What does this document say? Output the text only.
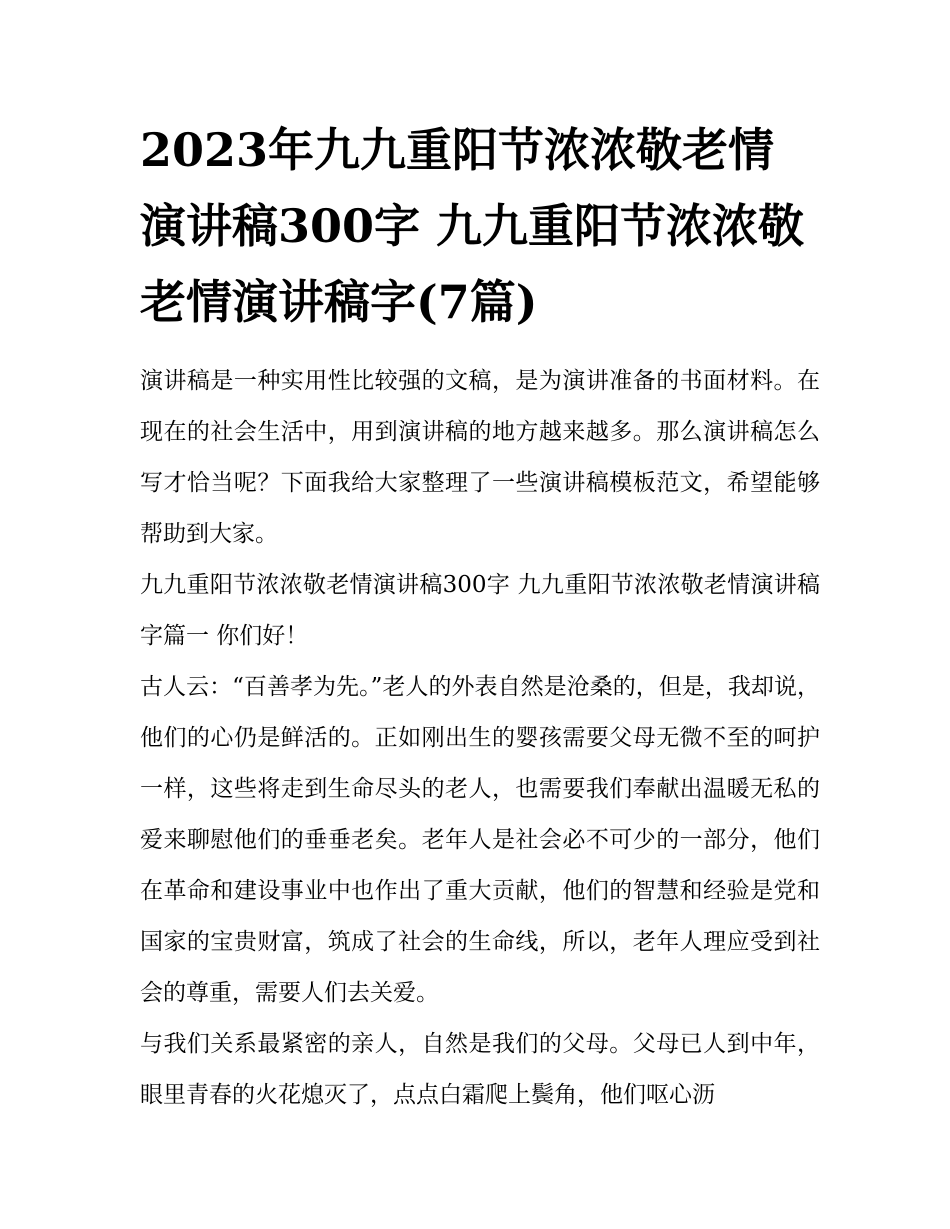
2023年九九重阳节浓浓敬老情演讲稿300字 九九重阳节浓浓敬老情演讲稿字(7篇)

演讲稿是一种实用性比较强的文稿，是为演讲准备的书面材料。在现在的社会生活中，用到演讲稿的地方越来越多。那么演讲稿怎么写才恰当呢？下面我给大家整理了一些演讲稿模板范文，希望能够帮助到大家。

九九重阳节浓浓敬老情演讲稿300字 九九重阳节浓浓敬老情演讲稿字篇一 你们好！

古人云：“百善孝为先。”老人的外表自然是沧桑的，但是，我却说，他们的心仍是鲜活的。正如刚出生的婴孩需要父母无微不至的呵护一样，这些将走到生命尽头的老人，也需要我们奉献出温暖无私的爱来聊慰他们的垂垂老矣。老年人是社会必不可少的一部分，他们在革命和建设事业中也作出了重大贡献，他们的智慧和经验是党和国家的宝贵财富，筑成了社会的生命线，所以，老年人理应受到社会的尊重，需要人们去关爱。

与我们关系最紧密的亲人，自然是我们的父母。父母已人到中年，眼里青春的火花熄灭了，点点白霜爬上鬓角，他们呕心沥
